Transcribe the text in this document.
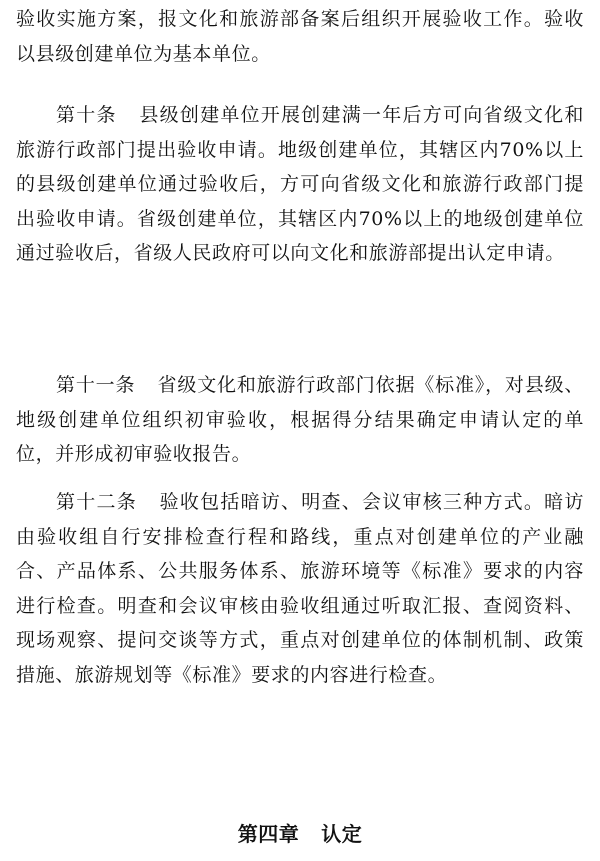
验收实施方案，报文化和旅游部备案后组织开展验收工作。验收以县级创建单位为基本单位。

第十条 县级创建单位开展创建满一年后方可向省级文化和旅游行政部门提出验收申请。地级创建单位，其辖区内70%以上的县级创建单位通过验收后，方可向省级文化和旅游行政部门提出验收申请。省级创建单位，其辖区内70%以上的地级创建单位通过验收后，省级人民政府可以向文化和旅游部提出认定申请。

第十一条 省级文化和旅游行政部门依据《标准》，对县级、地级创建单位组织初审验收，根据得分结果确定申请认定的单位，并形成初审验收报告。

第十二条 验收包括暗访、明查、会议审核三种方式。暗访由验收组自行安排检查行程和路线，重点对创建单位的产业融合、产品体系、公共服务体系、旅游环境等《标准》要求的内容进行检查。明查和会议审核由验收组通过听取汇报、查阅资料、现场观察、提问交谈等方式，重点对创建单位的体制机制、政策措施、旅游规划等《标准》要求的内容进行检查。

第四章 认定
